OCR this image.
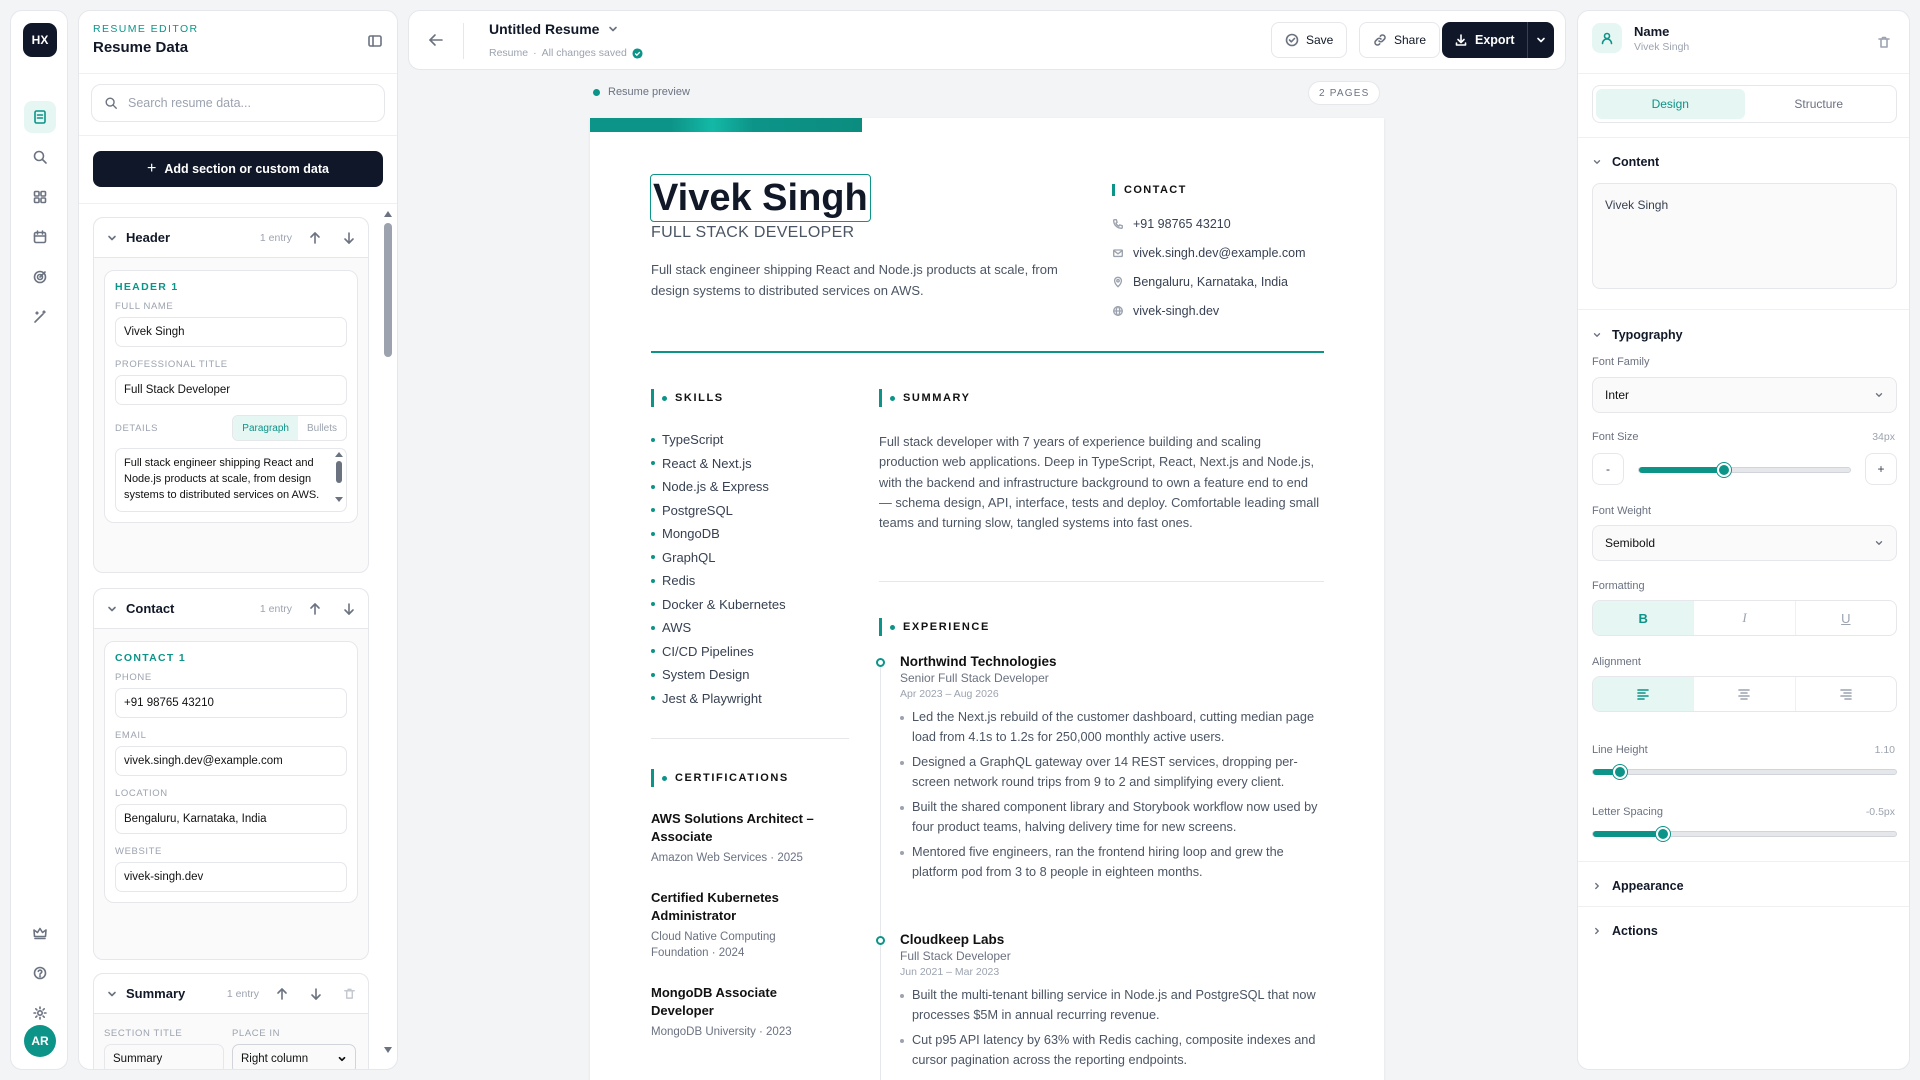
HX
AR
RESUME EDITOR
Resume Data
Search resume data...
+ Add section or custom data
Header	1 entry
HEADER 1
FULL NAME
Vivek Singh
PROFESSIONAL TITLE
Full Stack Developer
DETAILS	Paragraph	Bullets
Full stack engineer shipping React and Node.js products at scale, from design systems to distributed services on AWS.
Contact	1 entry
CONTACT 1
PHONE
+91 98765 43210
EMAIL
vivek.singh.dev@example.com
LOCATION
Bengaluru, Karnataka, India
WEBSITE
vivek-singh.dev
Summary	1 entry
SECTION TITLE
Summary
PLACE IN
Right column
Untitled Resume
Resume · All changes saved
Save	Share	Export
Resume preview	2 PAGES
Vivek Singh
FULL STACK DEVELOPER
Full stack engineer shipping React and Node.js products at scale, from design systems to distributed services on AWS.
CONTACT
+91 98765 43210
vivek.singh.dev@example.com
Bengaluru, Karnataka, India
vivek-singh.dev
SKILLS
TypeScript
React & Next.js
Node.js & Express
PostgreSQL
MongoDB
GraphQL
Redis
Docker & Kubernetes
AWS
CI/CD Pipelines
System Design
Jest & Playwright
CERTIFICATIONS
AWS Solutions Architect – Associate
Amazon Web Services · 2025
Certified Kubernetes Administrator
Cloud Native Computing Foundation · 2024
MongoDB Associate Developer
MongoDB University · 2023
SUMMARY
Full stack developer with 7 years of experience building and scaling production web applications. Deep in TypeScript, React, Next.js and Node.js, with the backend and infrastructure background to own a feature end to end — schema design, API, interface, tests and deploy. Comfortable leading small teams and turning slow, tangled systems into fast ones.
EXPERIENCE
Northwind Technologies
Senior Full Stack Developer
Apr 2023 – Aug 2026
Led the Next.js rebuild of the customer dashboard, cutting median page load from 4.1s to 1.2s for 250,000 monthly active users.
Designed a GraphQL gateway over 14 REST services, dropping per-screen network round trips from 9 to 2 and simplifying every client.
Built the shared component library and Storybook workflow now used by four product teams, halving delivery time for new screens.
Mentored five engineers, ran the frontend hiring loop and grew the platform pod from 3 to 8 people in eighteen months.
Cloudkeep Labs
Full Stack Developer
Jun 2021 – Mar 2023
Built the multi-tenant billing service in Node.js and PostgreSQL that now processes $5M in annual recurring revenue.
Cut p95 API latency by 63% with Redis caching, composite indexes and cursor pagination across the reporting endpoints.
Name
Vivek Singh
Design	Structure
Content
Vivek Singh
Typography
Font Family
Inter
Font Size	34px
-	+
Font Weight
Semibold
Formatting
B	I	U
Alignment
Line Height	1.10
Letter Spacing	-0.5px
Appearance
Actions
